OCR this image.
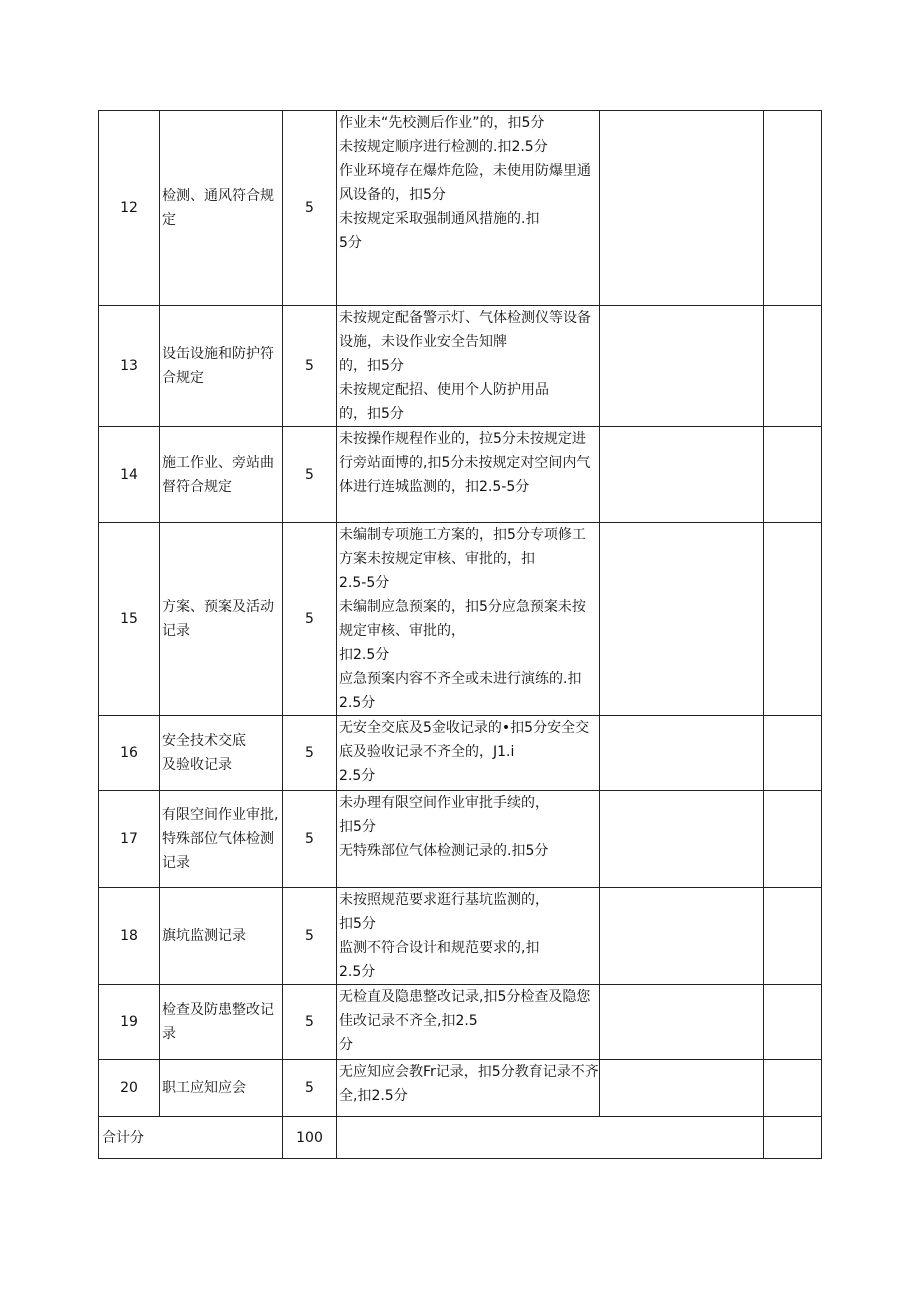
12	检测、通风符合规定	5	作业未“先校测后作业”的，扣5分
未按规定顺序进行检测的.扣2.5分
作业环境存在爆炸危险，未使用防爆里通风设备的，扣5分
未按规定采取强制通风措施的.扣
5分		

13	设缶设施和防护符合规定	5	未按规定配备警示灯、气体检测仪等设备设施，未设作业安全告知牌
的，扣5分
未按规定配招、使用个人防护用品
的，扣5分		

14	施工作业、旁站曲督符合规定	5	未按操作规程作业的，拉5分未按规定进行旁站面博的,扣5分未按规定对空间内气体进行连城监测的，扣2.5-5分		

15	方案、预案及活动记录	5	未编制专项施工方案的，扣5分专项修工方案未按规定审核、审批的，扣
2.5-5分
未编制应急预案的，扣5分应急预案未按规定审核、审批的，
扣2.5分
应急预案内容不齐全或未进行演练的.扣2.5分		

16	安全技术交底
及验收记录	5	无安全交底及5金收记录的•扣5分安全交底及验收记录不齐全的，J1.i
2.5分		

17	有限空间作业审批,特殊部位气体检测记录	5	未办理有限空间作业审批手续的，
扣5分
无特殊部位气体检测记录的.扣5分		

18	旗坑监测记录	5	未按照规范要求逛行基坑监测的，
扣5分
监测不符合设计和规范要求的,扣
2.5分		

19	检查及防患整改记录	5	无检直及隐患整改记录,扣5分检查及隐您佳改记录不齐全,扣2.5
分		

20	职工应知应会	5	无应知应会教Fr记录，扣5分教育记录不齐全,扣2.5分		

合计分		100			
